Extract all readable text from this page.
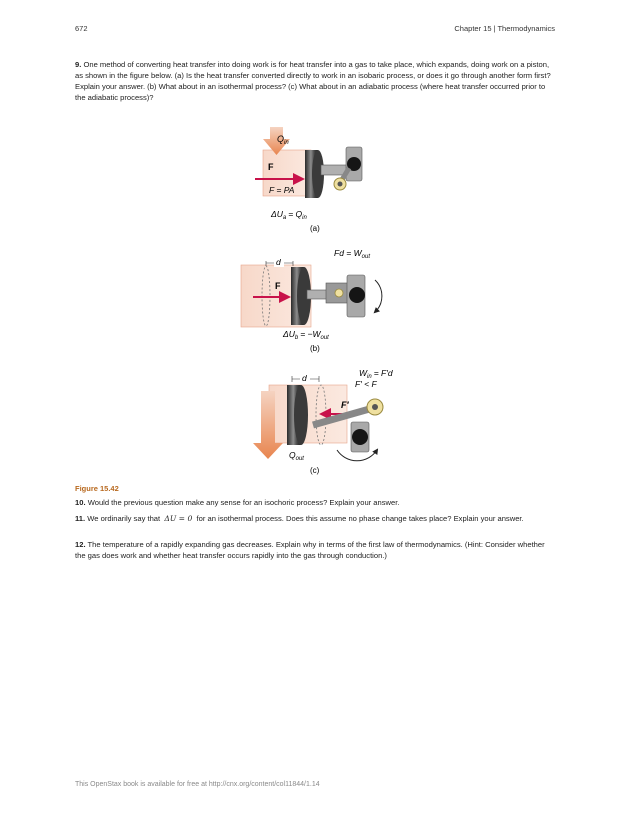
672	Chapter 15 | Thermodynamics
9. One method of converting heat transfer into doing work is for heat transfer into a gas to take place, which expands, doing work on a piston, as shown in the figure below. (a) Is the heat transfer converted directly to work in an isobaric process, or does it go through another form first? Explain your answer. (b) What about in an isothermal process? (c) What about in an adiabatic process (where heat transfer occurred prior to the adiabatic process)?
$Q_{in}$
F
F = PA
$\Delta U_a = Q_{in}$
(a)
d
F
$Fd = W_{out}$
$\Delta U_b = -W_{out}$
(b)
d	$W_{in} = F'd$
F′ < F
F′
$Q_{out}$
(c)
Figure 15.42
10. Would the previous question make any sense for an isochoric process? Explain your answer.
11. We ordinarily say that ΔU = 0 for an isothermal process. Does this assume no phase change takes place? Explain your answer.
12. The temperature of a rapidly expanding gas decreases. Explain why in terms of the first law of thermodynamics. (Hint: Consider whether the gas does work and whether heat transfer occurs rapidly into the gas through conduction.)
This OpenStax book is available for free at http://cnx.org/content/col11844/1.14
